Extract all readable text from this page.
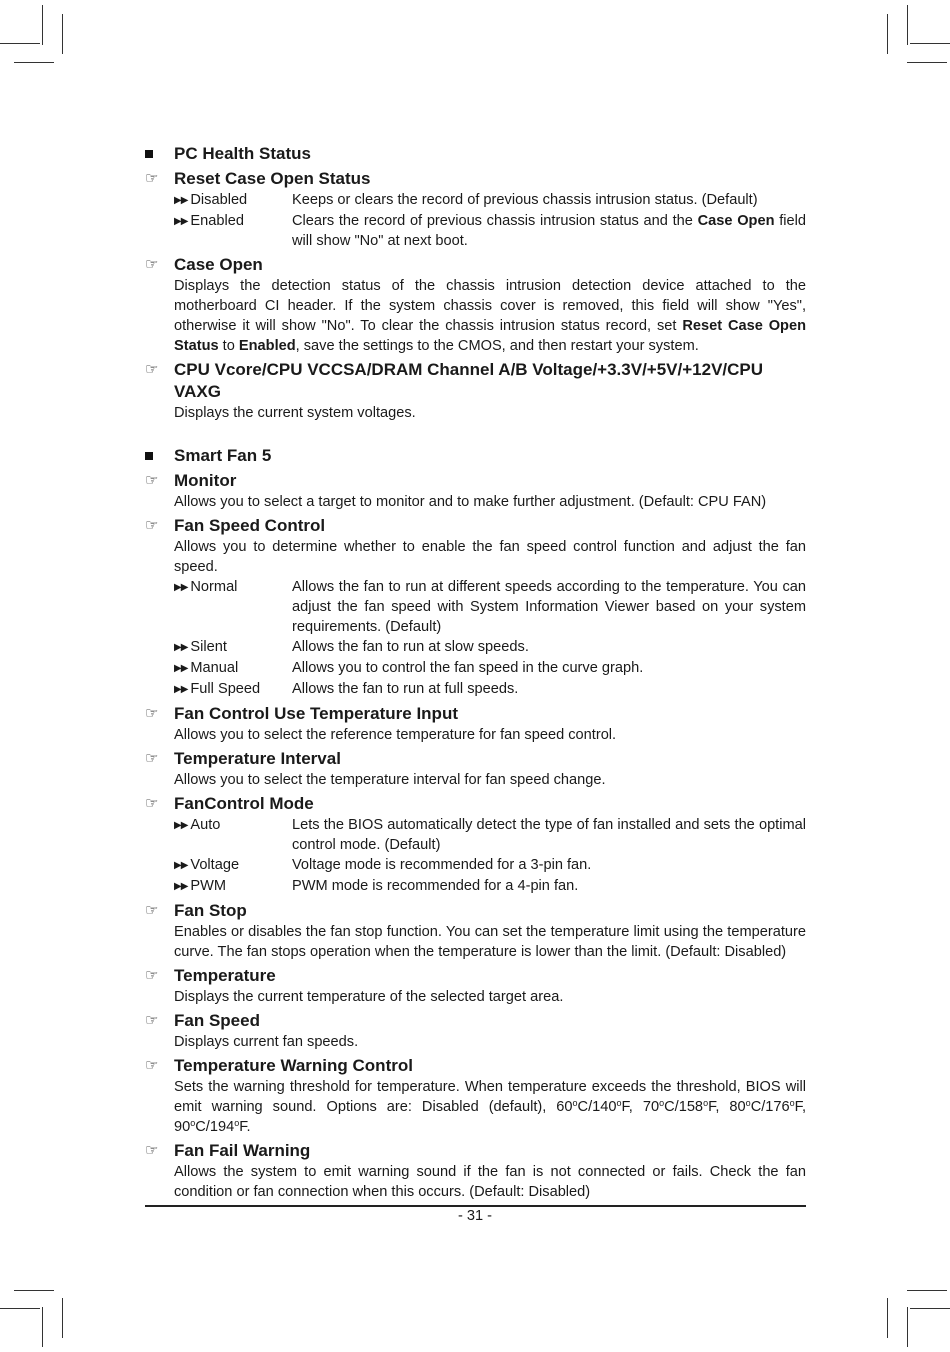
PC Health Status
☞ Reset Case Open Status
▶▶ Disabled	Keeps or clears the record of previous chassis intrusion status. (Default)
▶▶ Enabled	Clears the record of previous chassis intrusion status and the Case Open field will show "No" at next boot.
☞ Case Open
Displays the detection status of the chassis intrusion detection device attached to the motherboard CI header. If the system chassis cover is removed, this field will show "Yes", otherwise it will show "No". To clear the chassis intrusion status record, set Reset Case Open Status to Enabled, save the settings to the CMOS, and then restart your system.
☞ CPU Vcore/CPU VCCSA/DRAM Channel A/B Voltage/+3.3V/+5V/+12V/CPU VAXG
Displays the current system voltages.
Smart Fan 5
☞ Monitor
Allows you to select a target to monitor and to make further adjustment. (Default: CPU FAN)
☞ Fan Speed Control
Allows you to determine whether to enable the fan speed control function and adjust the fan speed.
▶▶ Normal	Allows the fan to run at different speeds according to the temperature. You can adjust the fan speed with System Information Viewer based on your system requirements. (Default)
▶▶ Silent	Allows the fan to run at slow speeds.
▶▶ Manual	Allows you to control the fan speed in the curve graph.
▶▶ Full Speed	Allows the fan to run at full speeds.
☞ Fan Control Use Temperature Input
Allows you to select the reference temperature for fan speed control.
☞ Temperature Interval
Allows you to select the temperature interval for fan speed change.
☞ FanControl Mode
▶▶ Auto	Lets the BIOS automatically detect the type of fan installed and sets the optimal control mode. (Default)
▶▶ Voltage	Voltage mode is recommended for a 3-pin fan.
▶▶ PWM	PWM mode is recommended for a 4-pin fan.
☞ Fan Stop
Enables or disables the fan stop function. You can set the temperature limit using the temperature curve. The fan stops operation when the temperature is lower than the limit. (Default: Disabled)
☞ Temperature
Displays the current temperature of the selected target area.
☞ Fan Speed
Displays current fan speeds.
☞ Temperature Warning Control
Sets the warning threshold for temperature. When temperature exceeds the threshold, BIOS will emit warning sound. Options are: Disabled (default), 60$^o$C/140$^o$F, 70$^o$C/158$^o$F, 80$^o$C/176$^o$F, 90$^o$C/194$^o$F.
☞ Fan Fail Warning
Allows the system to emit warning sound if the fan is not connected or fails. Check the fan condition or fan connection when this occurs. (Default: Disabled)
- 31 -
